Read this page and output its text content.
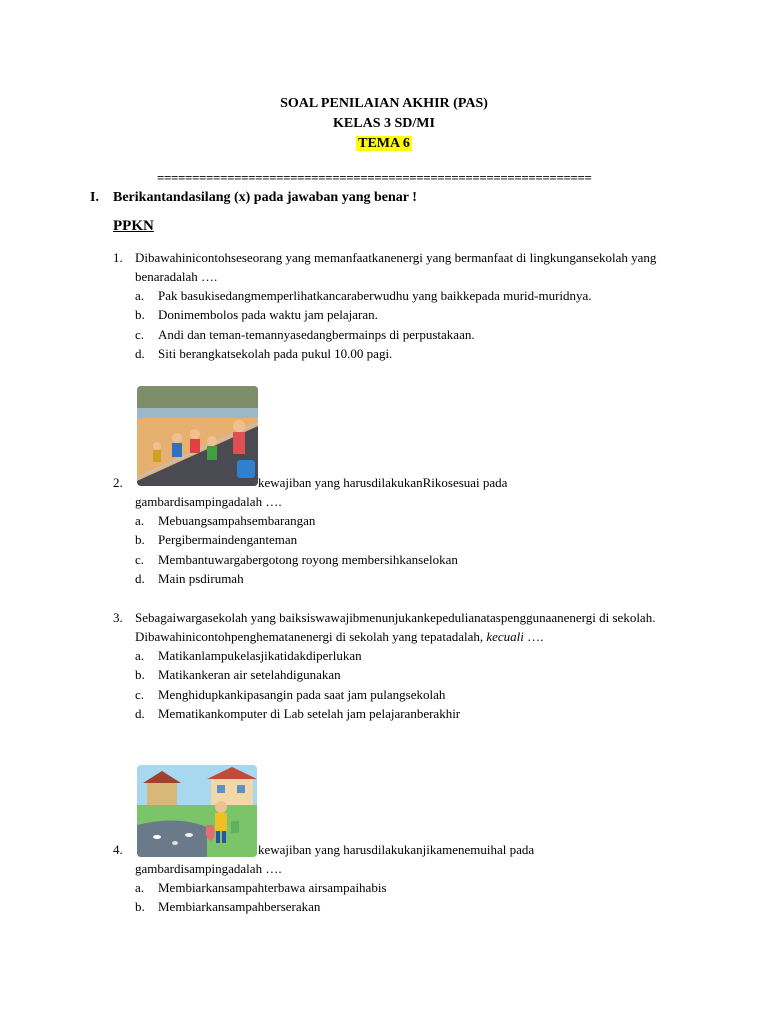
SOAL PENILAIAN AKHIR (PAS)
KELAS 3 SD/MI
TEMA 6
==============================================================
I. Berikantandasilang (x) pada jawaban yang benar !
PPKN
1. Dibawahinicontohseseorang yang memanfaatkanenergi yang bermanfaat di lingkungansekolah yang benaradalah ….
a. Pak basukisedangmemperlihatkancaraberwudhu yang baikkepada murid-muridnya.
b. Donimembolos pada waktu jam pelajaran.
c. Andi dan teman-temannyasedangbermainps di perpustakaan.
d. Siti berangkatsekolah pada pukul 10.00 pagi.
2.	kewajiban yang harusdilakukanRikosesuai pada
gambardisampingadalah ….
a. Mebuangsampahsembarangan
b. Pergibermaindenganteman
c. Membantuwargabergotong royong membersihkanselokan
d. Main psdirumah
3. Sebagaiwargasekolah yang baiksiswawajibmenunjukankepedulianataspenggunaanenergi di sekolah. Dibawahinicontohpenghematanenergi di sekolah yang tepatadalah, kecuali ….
a. Matikanlampukelasjikatidakdiperlukan
b. Matikankeran air setelahdigunakan
c. Menghidupkankipasangin pada saat jam pulangsekolah
d. Mematikankomputer di Lab setelah jam pelajaranberakhir
4.	kewajiban yang harusdilakukanjikamenemuihal pada
gambardisampingadalah ….
a. Membiarkansampahterbawa airsampaihabis
b. Membiarkansampahberserakan
